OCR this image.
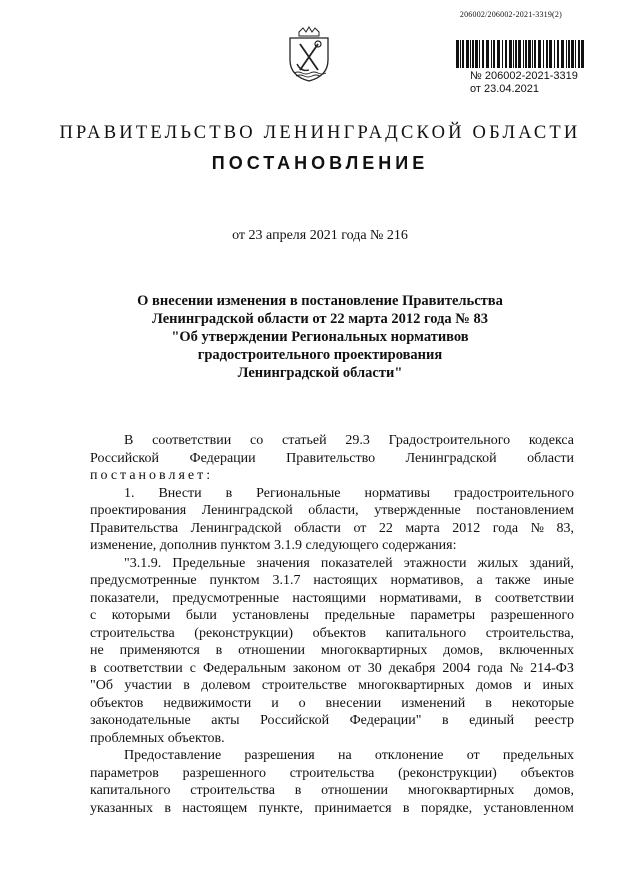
206002/206002-2021-3319(2)
№ 206002-2021-3319
от 23.04.2021
ПРАВИТЕЛЬСТВО ЛЕНИНГРАДСКОЙ ОБЛАСТИ
ПОСТАНОВЛЕНИЕ
от 23 апреля 2021 года № 216
О внесении изменения в постановление Правительства
Ленинградской области от 22 марта 2012 года № 83
"Об утверждении Региональных нормативов
градостроительного проектирования
Ленинградской области"
В соответствии со статьей 29.3 Градостроительного кодекса
Российской Федерации Правительство Ленинградской области
постановляет:
1. Внести в Региональные нормативы градостроительного
проектирования Ленинградской области, утвержденные постановлением
Правительства Ленинградской области от 22 марта 2012 года № 83,
изменение, дополнив пунктом 3.1.9 следующего содержания:
"3.1.9. Предельные значения показателей этажности жилых зданий,
предусмотренные пунктом 3.1.7 настоящих нормативов, а также иные
показатели, предусмотренные настоящими нормативами, в соответствии
с которыми были установлены предельные параметры разрешенного
строительства (реконструкции) объектов капитального строительства,
не применяются в отношении многоквартирных домов, включенных
в соответствии с Федеральным законом от 30 декабря 2004 года № 214-ФЗ
"Об участии в долевом строительстве многоквартирных домов и иных
объектов недвижимости и о внесении изменений в некоторые
законодательные акты Российской Федерации" в единый реестр
проблемных объектов.
Предоставление разрешения на отклонение от предельных
параметров разрешенного строительства (реконструкции) объектов
капитального строительства в отношении многоквартирных домов,
указанных в настоящем пункте, принимается в порядке, установленном
